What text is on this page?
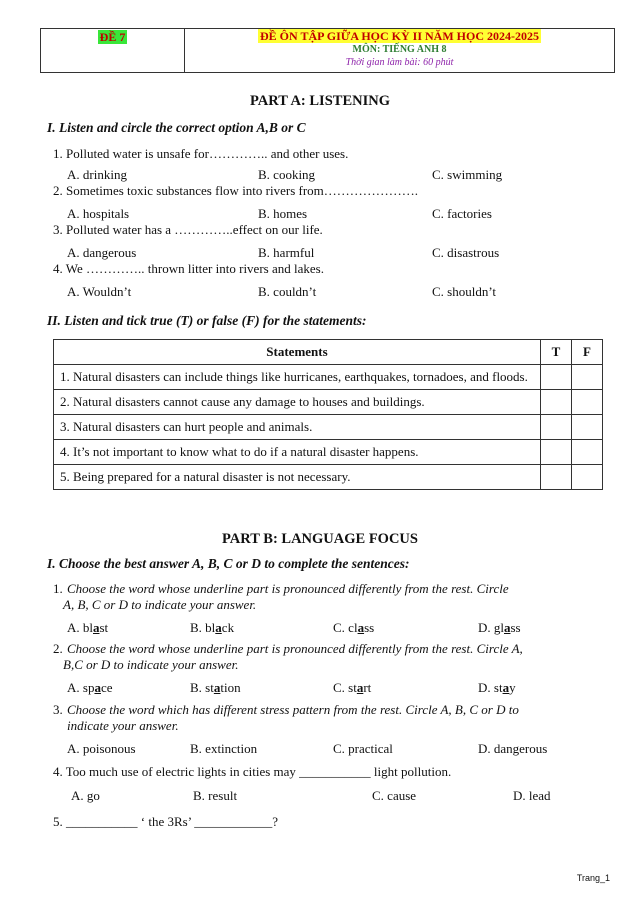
ĐỀ 7	ĐỀ ÔN TẬP GIỮA HỌC KỲ II NĂM HỌC 2024-2025
MÔN: TIẾNG ANH 8
Thời gian làm bài: 60 phút
PART A: LISTENING
I. Listen and circle the correct option A,B or C
1. Polluted water is unsafe for………….. and other uses.
A. drinking	B. cooking	C. swimming
2. Sometimes toxic substances flow into rivers from………………….
A. hospitals	B. homes	C. factories
3. Polluted water has a …………..effect on our life.
A. dangerous	B. harmful	C. disastrous
4. We ………….. thrown litter into rivers and lakes.
A. Wouldn’t	B. couldn’t	C. shouldn’t
II. Listen and tick true (T) or false (F) for the statements:
Statements	T	F
1. Natural disasters can include things like hurricanes, earthquakes, tornadoes, and floods.		
2. Natural disasters cannot cause any damage to houses and buildings.		
3. Natural disasters can hurt people and animals.		
4. It’s not important to know what to do if a natural disaster happens.		
5. Being prepared for a natural disaster is not necessary.		
PART B: LANGUAGE FOCUS
I. Choose the best answer A, B, C or D to complete the sentences:
1. Choose the word whose underline part is pronounced differently from the rest. Circle
A, B, C or D to indicate your answer.
A. blast	B. black	C. class	D. glass
2. Choose the word whose underline part is pronounced differently from the rest. Circle A,
B,C or D to indicate your answer.
A. space	B. station	C. start	D. stay
3. Choose the word which has different stress pattern from the rest. Circle A, B, C or D to
indicate your answer.
A. poisonous	B. extinction	C. practical	D. dangerous
4. Too much use of electric lights in cities may ___________ light pollution.
A. go	B. result	C. cause	D. lead
5. ___________ ‘ the 3Rs’ ____________?
Trang_1
